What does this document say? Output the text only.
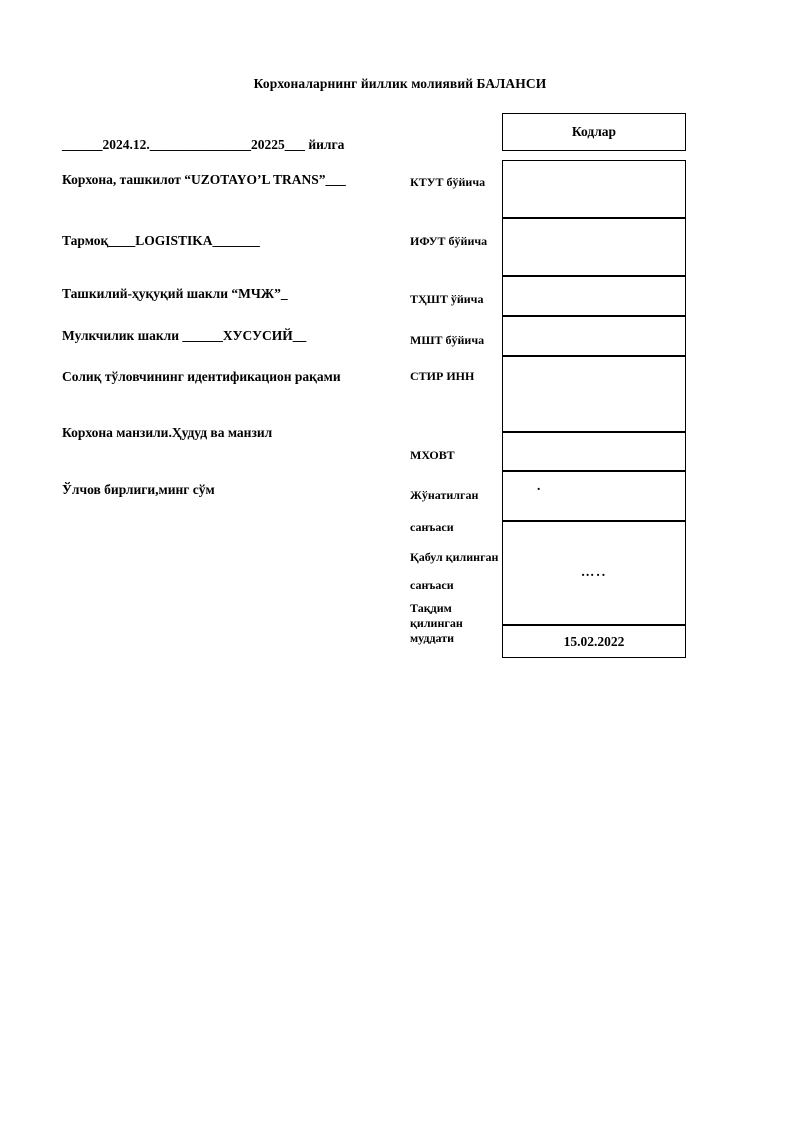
Корхоналарнинг йиллик молиявий БАЛАНСИ
______2024.12._______________20225___ йилга
Корхона, ташкилот “UZOTAYO’L TRANS”___
Тармоқ____LOGISTIKA_______
Ташкилий-ҳуқуқий шакли “МЧЖ”_
Мулкчилик шакли ______ХУСУСИЙ__
Солиқ тўловчининг идентификацион рақами
Корхона манзили.Ҳудуд ва манзил
Ўлчов бирлиги,минг сўм
КТУТ бўйича
ИФУТ бўйича
ТҲШТ ўйича
МШТ бўйича
СТИР ИНН
МХОВТ
Жўнатилган
санъаси
Қабул қилинган
санъаси
Тақдим
қилинган
муддати
Кодлар
.
…..
15.02.2022
